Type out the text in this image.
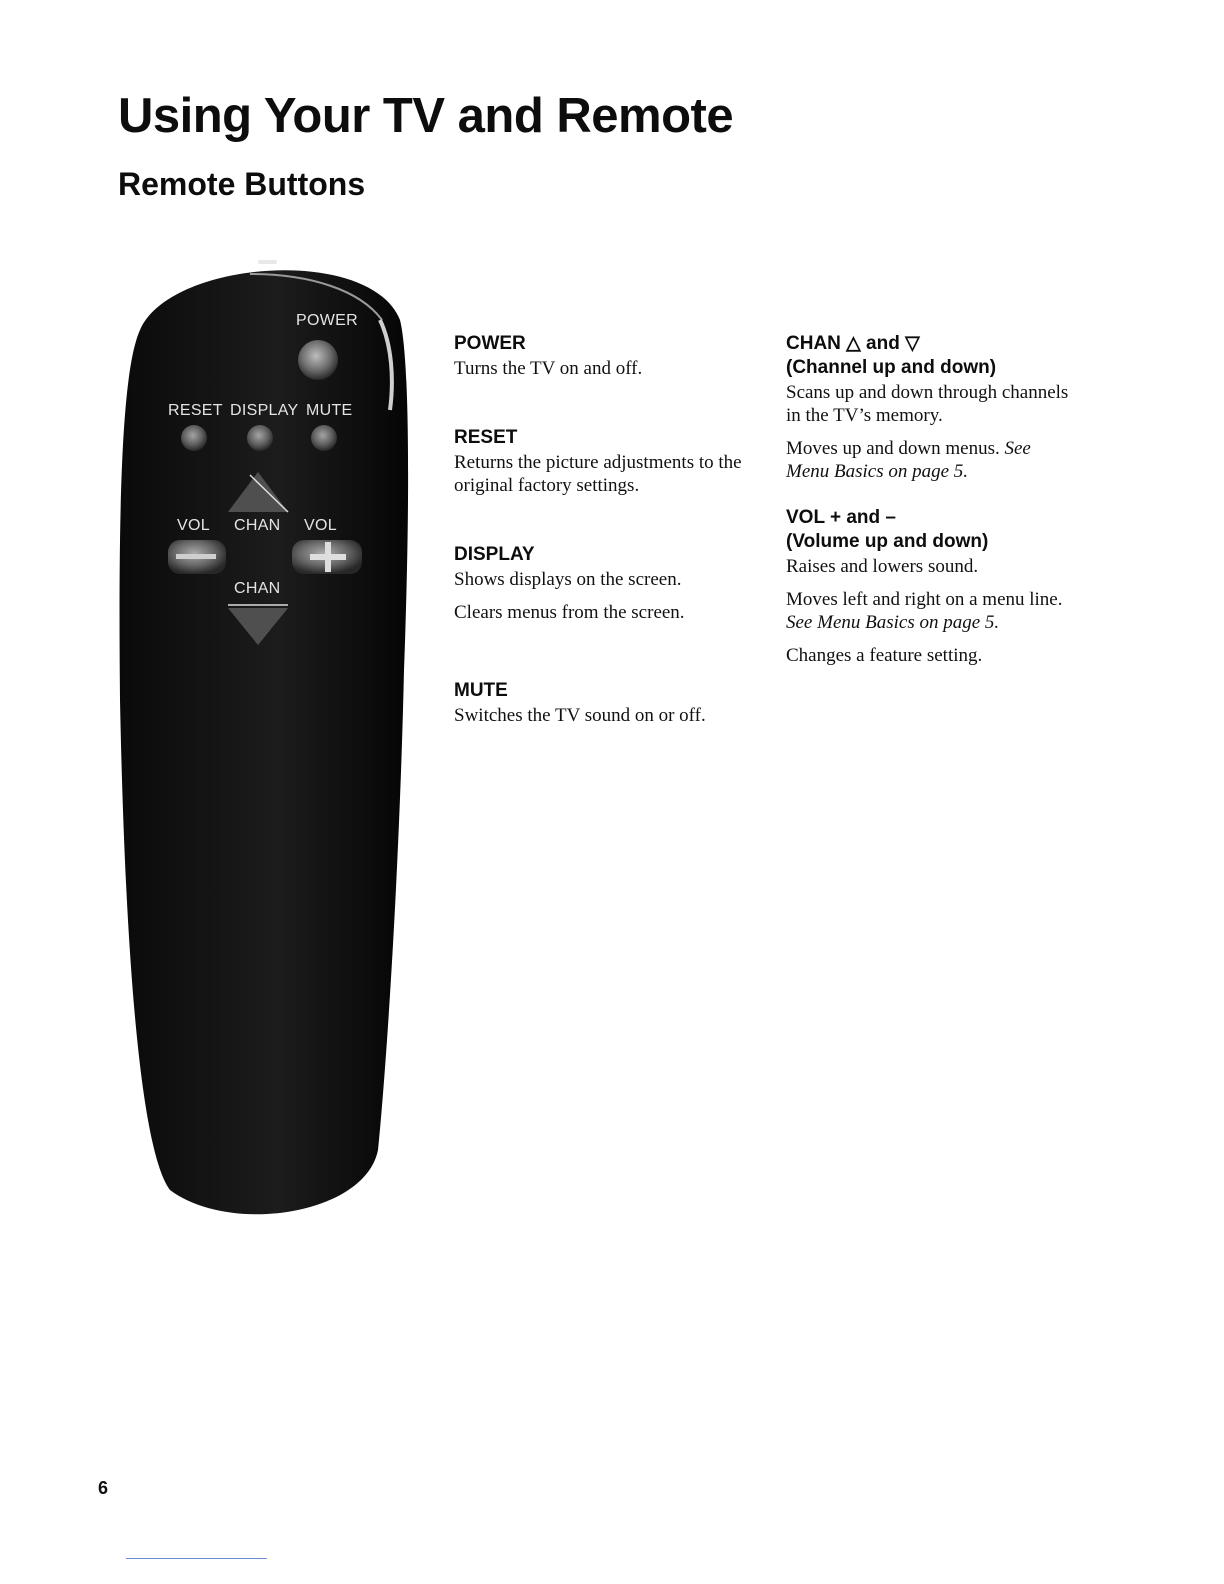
Using Your TV and Remote
Remote Buttons
POWER
RESET DISPLAY MUTE
VOL CHAN VOL
CHAN
POWER
Turns the TV on and off.
RESET
Returns the picture adjustments to the original factory settings.
DISPLAY
Shows displays on the screen.
Clears menus from the screen.
MUTE
Switches the TV sound on or off.
CHAN △ and ▽
(Channel up and down)
Scans up and down through channels in the TV’s memory.
Moves up and down menus. See Menu Basics on page 5.
VOL + and –
(Volume up and down)
Raises and lowers sound.
Moves left and right on a menu line. See Menu Basics on page 5.
Changes a feature setting.
6
